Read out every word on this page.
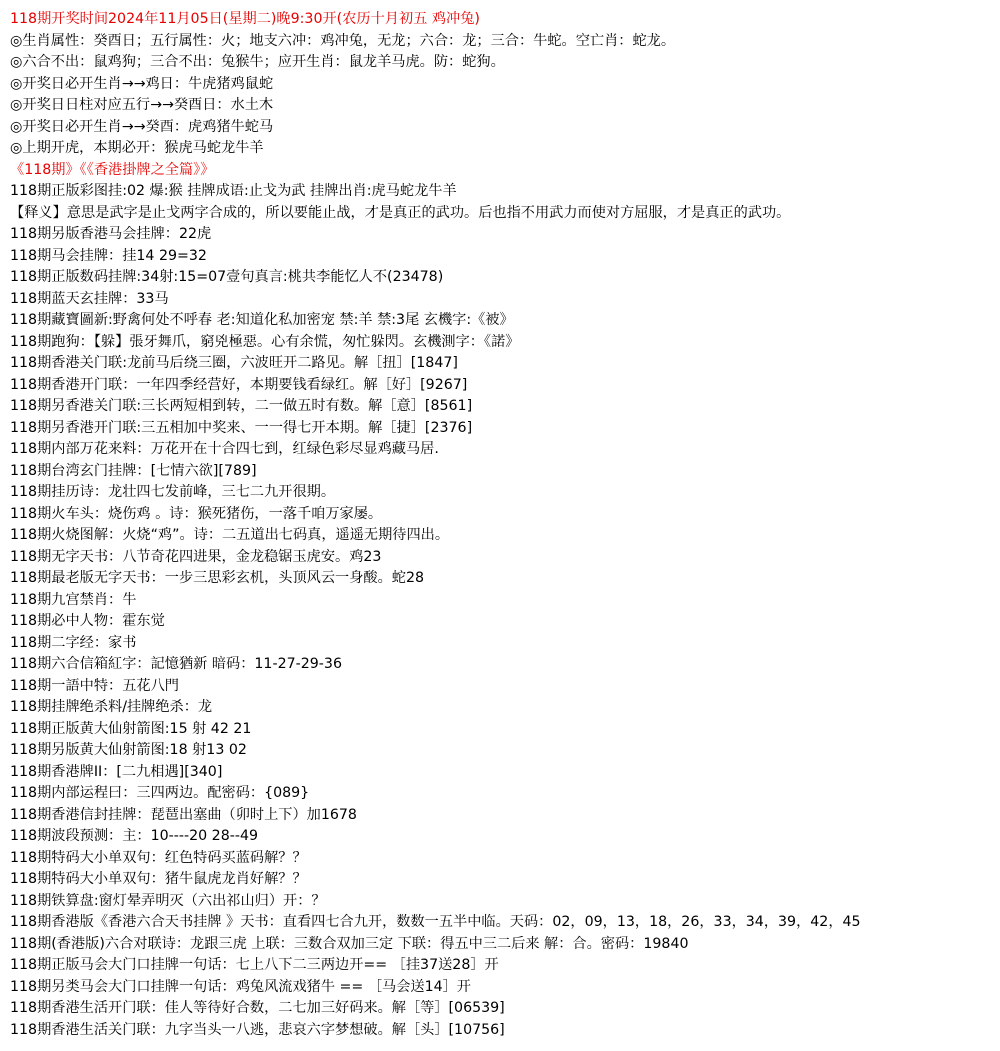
118期开奖时间2024年11月05日(星期二)晚9:30开(农历十月初五 鸡冲兔)
◎生肖属性：癸酉日；五行属性：火；地支六冲：鸡冲兔，无龙；六合：龙；三合：牛蛇。空亡肖：蛇龙。
◎六合不出：鼠鸡狗；三合不出：兔猴牛；应开生肖：鼠龙羊马虎。防：蛇狗。
◎开奖日必开生肖→→鸡日：牛虎猪鸡鼠蛇
◎开奖日日柱对应五行→→癸酉日：水土木
◎开奖日必开生肖→→癸酉：虎鸡猪牛蛇马
◎上期开虎，本期必开：猴虎马蛇龙牛羊
《118期》《《香港掛牌之全篇》》
118期正版彩图挂:02 爆:猴 挂牌成语:止戈为武 挂牌出肖:虎马蛇龙牛羊
【释义】意思是武字是止戈两字合成的，所以要能止战，才是真正的武功。后也指不用武力而使对方屈服，才是真正的武功。
118期另版香港马会挂牌：22虎
118期马会挂牌：挂14 29=32
118期正版数码挂牌:34射:15=07壹句真言:桃共李能忆人不(23478)
118期蓝天玄挂牌：33马
118期藏寶圖新:野禽何处不呼春 老:知道化私加密宠 禁:羊 禁:3尾 玄機字:《被》
118期跑狗：【躲】張牙舞爪，窮兇極惡。心有余慌，匆忙躲閃。玄機測字：《諾》
118期香港关门联:龙前马后绕三圈，六波旺开二路见。解［扭］[1847]
118期香港开门联：一年四季经营好，本期要钱看绿红。解［好］[9267]
118期另香港关门联:三长两短相到转，二一做五时有数。解［意］[8561]
118期另香港开门联:三五相加中奖来、一一得七开本期。解［捷］[2376]
118期内部万花来料：万花开在十合四七到，红绿色彩尽显鸡藏马居.
118期台湾玄门挂牌：[七情六欲][789]
118期挂历诗：龙壮四七发前峰，三七二九开很期。
118期火车头：烧伤鸡 。诗：猴死猪伤，一落千咱万家屡。
118期火烧图解：火烧“鸡”。诗：二五道出七码真，遥遥无期待四出。
118期无字天书：八节奇花四进果，金龙稳锯玉虎安。鸡23
118期最老版无字天书：一步三思彩玄机，头顶风云一身酸。蛇28
118期九宫禁肖：牛
118期必中人物：霍东觉
118期二字经：家书
118期六合信箱紅字：記憶猶新 暗码：11-27-29-36
118期一語中特：五花八門
118期挂牌绝杀料/挂牌绝杀：龙
118期正版黄大仙射箭图:15 射 42 21
118期另版黄大仙射箭图:18 射13 02
118期香港牌II：[二九相遇][340]
118期内部运程曰：三四两边。配密码：{089}
118期香港信封挂牌：琵琶出塞曲（卯时上下）加1678
118期波段预测：主：10----20 28--49
118期特码大小单双句：红色特码买蓝码解？？
118期特码大小单双句：猪牛鼠虎龙肖好解？？
118期铁算盘:窗灯晕弄明灭（六出祁山归）开：？
118期香港版《香港六合天书挂牌 》天书：直看四七合九开，数数一五半中临。天码：02，09，13，18，26，33，34，39，42，45
118期(香港版)六合对联诗：龙跟三虎 上联：三数合双加三定 下联：得五中三二后来 解：合。密码：19840
118期正版马会大门口挂牌一句话：七上八下二三两边开== ［挂37送28］开
118期另类马会大门口挂牌一句话：鸡兔风流戏猪牛 == ［马会送14］开
118期香港生活开门联：佳人等待好合数，二七加三好码来。解［等］[06539]
118期香港生活关门联：九字当头一八逃，悲哀六字梦想破。解［头］[10756]
